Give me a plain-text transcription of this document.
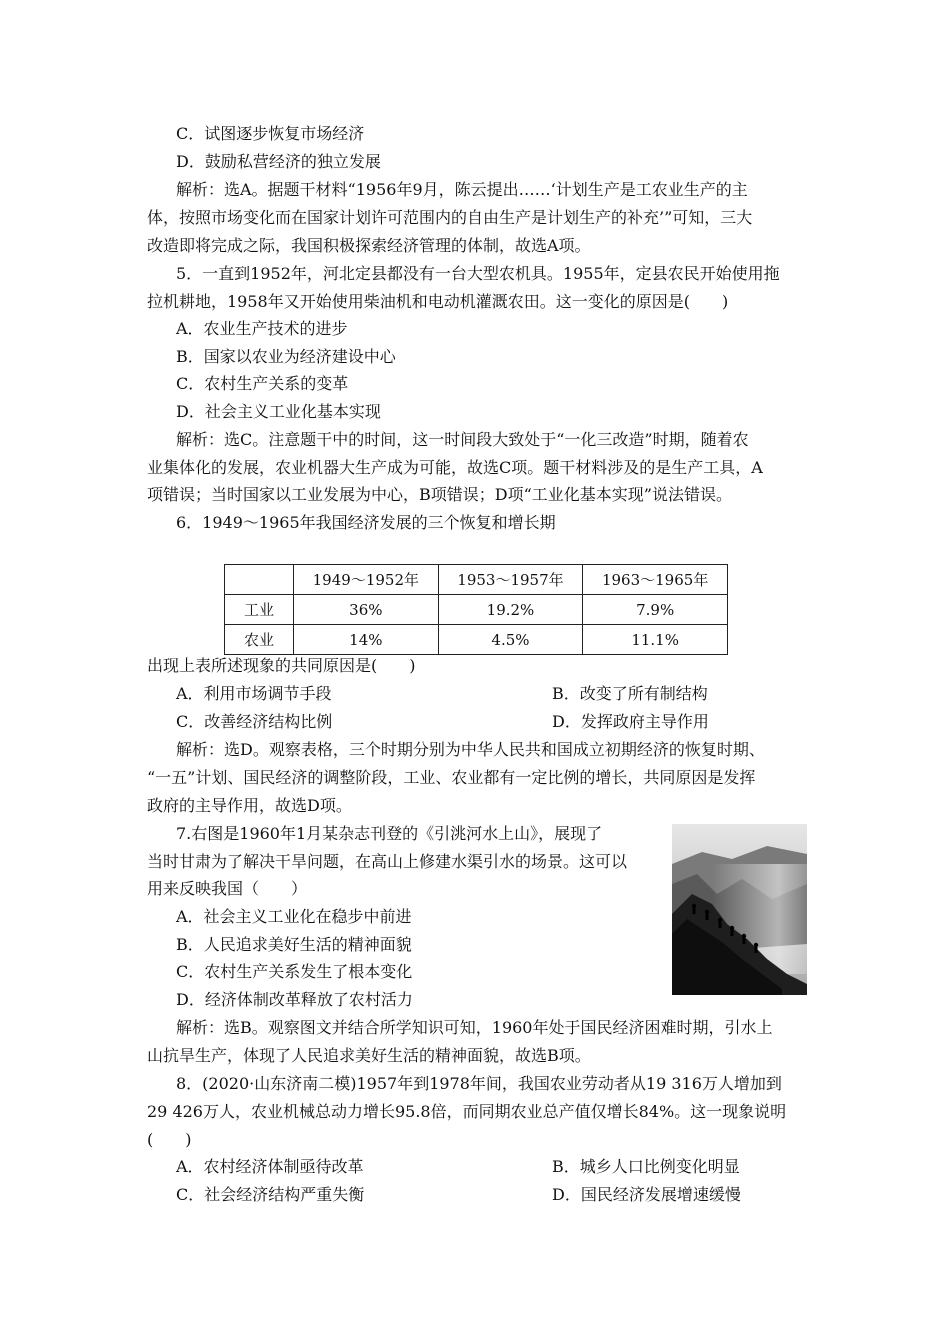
C．试图逐步恢复市场经济
D．鼓励私营经济的独立发展
解析：选A。据题干材料“1956年9月，陈云提出……‘计划生产是工农业生产的主
体，按照市场变化而在国家计划许可范围内的自由生产是计划生产的补充’”可知，三大
改造即将完成之际，我国积极探索经济管理的体制，故选A项。
5．一直到1952年，河北定县都没有一台大型农机具。1955年，定县农民开始使用拖
拉机耕地，1958年又开始使用柴油机和电动机灌溉农田。这一变化的原因是(　　)
A．农业生产技术的进步
B．国家以农业为经济建设中心
C．农村生产关系的变革
D．社会主义工业化基本实现
解析：选C。注意题干中的时间，这一时间段大致处于“一化三改造”时期，随着农
业集体化的发展，农业机器大生产成为可能，故选C项。题干材料涉及的是生产工具，A
项错误；当时国家以工业发展为中心，B项错误；D项“工业化基本实现”说法错误。
6．1949～1965年我国经济发展的三个恢复和增长期
	1949～1952年	1953～1957年	1963～1965年
工业	36%	19.2%	7.9%
农业	14%	4.5%	11.1%
出现上表所述现象的共同原因是(　　)
A．利用市场调节手段	B．改变了所有制结构
C．改善经济结构比例	D．发挥政府主导作用
解析：选D。观察表格，三个时期分别为中华人民共和国成立初期经济的恢复时期、
“一五”计划、国民经济的调整阶段，工业、农业都有一定比例的增长，共同原因是发挥
政府的主导作用，故选D项。
7.右图是1960年1月某杂志刊登的《引洮河水上山》，展现了
当时甘肃为了解决干旱问题，在高山上修建水渠引水的场景。这可以
用来反映我国（　　）
A．社会主义工业化在稳步中前进
B．人民追求美好生活的精神面貌
C．农村生产关系发生了根本变化
D．经济体制改革释放了农村活力
解析：选B。观察图文并结合所学知识可知，1960年处于国民经济困难时期，引水上
山抗旱生产，体现了人民追求美好生活的精神面貌，故选B项。
8．(2020·山东济南二模)1957年到1978年间，我国农业劳动者从19 316万人增加到
29 426万人，农业机械总动力增长95.8倍，而同期农业总产值仅增长84%。这一现象说明
(　　)
A．农村经济体制亟待改革	B．城乡人口比例变化明显
C．社会经济结构严重失衡	D．国民经济发展增速缓慢
